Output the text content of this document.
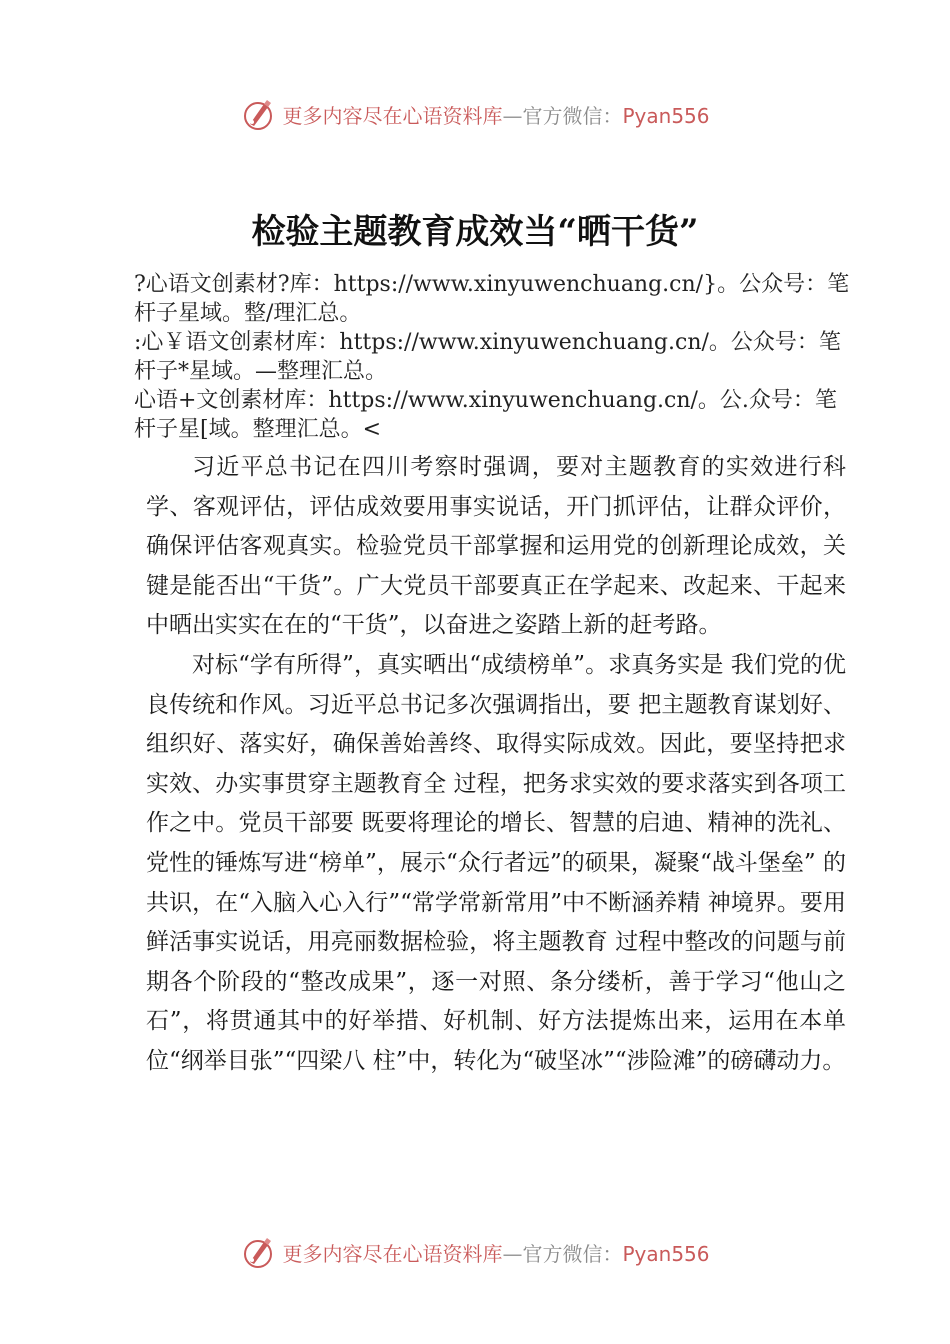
更多内容尽在心语资料库—官方微信：Pyan556
检验主题教育成效当“晒干货”

?心语文创素材?库：https://www.xinyuwenchuang.cn/}。公众号：笔杆子星域。整/理汇总。

:心￥语文创素材库：https://www.xinyuwenchuang.cn/。公众号：笔杆子*星域。—整理汇总。

心语+文创素材库：https://www.xinyuwenchuang.cn/。公.众号：笔杆子星[域。整理汇总。<

习近平总书记在四川考察时强调，要对主题教育的实效进行科学、客观评估，评估成效要用事实说话，开门抓评估，让群众评价，确保评估客观真实。检验党员干部掌握和运用党的创新理论成效，关键是能否出“干货”。广大党员干部要真正在学起来、改起来、干起来中晒出实实在在的“干货”，以奋进之姿踏上新的赶考路。

对标“学有所得”，真实晒出“成绩榜单”。求真务实是 我们党的优良传统和作风。习近平总书记多次强调指出，要 把主题教育谋划好、组织好、落实好，确保善始善终、取得实际成效。因此，要坚持把求实效、办实事贯穿主题教育全 过程，把务求实效的要求落实到各项工作之中。党员干部要 既要将理论的增长、智慧的启迪、精神的洗礼、党性的锤炼写进“榜单”，展示“众行者远”的硕果，凝聚“战斗堡垒” 的共识，在“入脑入心入行”“常学常新常用”中不断涵养精 神境界。要用鲜活事实说话，用亮丽数据检验，将主题教育 过程中整改的问题与前期各个阶段的“整改成果”，逐一对照、条分缕析，善于学习“他山之石”，将贯通其中的好举措、好机制、好方法提炼出来，运用在本单位“纲举目张”“四梁八 柱”中，转化为“破坚冰”“涉险滩”的磅礴动力。

更多内容尽在心语资料库—官方微信：Pyan556
